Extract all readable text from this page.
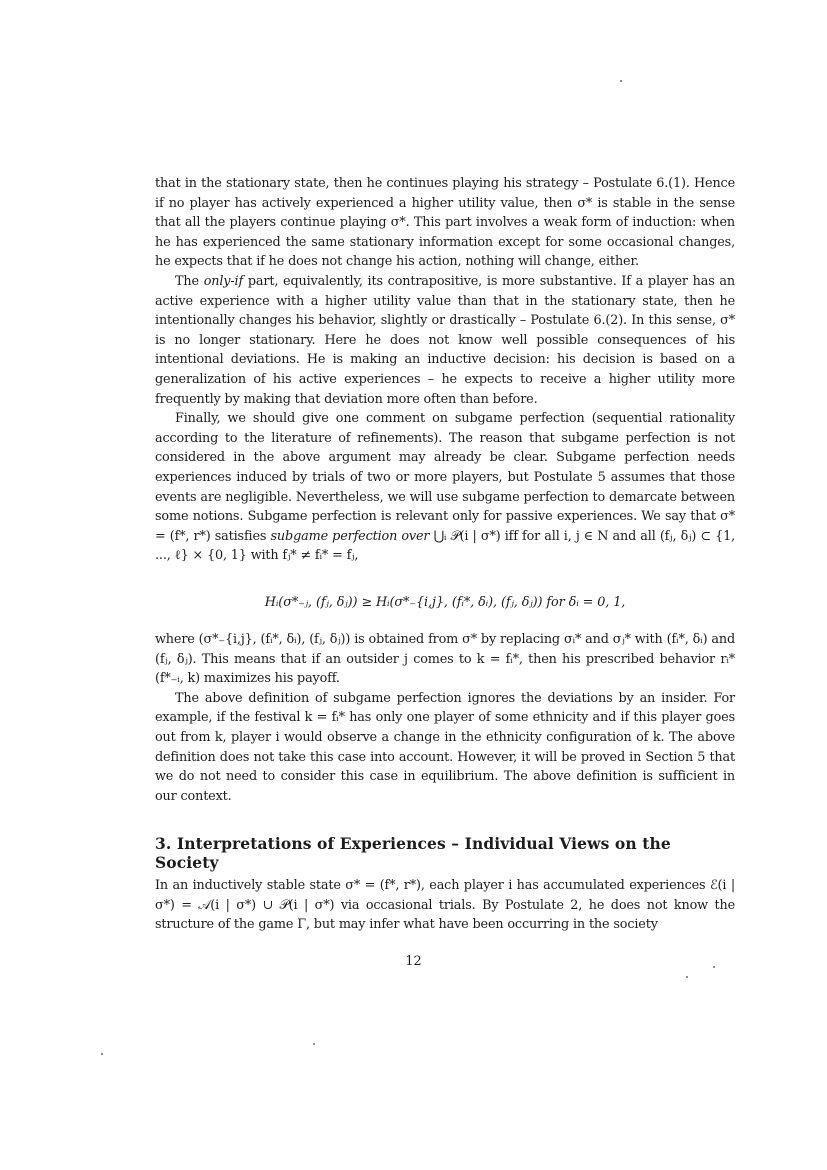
that in the stationary state, then he continues playing his strategy – Postulate 6.(1). Hence if no player has actively experienced a higher utility value, then σ* is stable in the sense that all the players continue playing σ*. This part involves a weak form of induction: when he has experienced the same stationary information except for some occasional changes, he expects that if he does not change his action, nothing will change, either.

The only-if part, equivalently, its contrapositive, is more substantive. If a player has an active experience with a higher utility value than that in the stationary state, then he intentionally changes his behavior, slightly or drastically – Postulate 6.(2). In this sense, σ* is no longer stationary. Here he does not know well possible consequences of his intentional deviations. He is making an inductive decision: his decision is based on a generalization of his active experiences – he expects to receive a higher utility more frequently by making that deviation more often than before.

Finally, we should give one comment on subgame perfection (sequential rationality according to the literature of refinements). The reason that subgame perfection is not considered in the above argument may already be clear. Subgame perfection needs experiences induced by trials of two or more players, but Postulate 5 assumes that those events are negligible. Nevertheless, we will use subgame perfection to demarcate between some notions. Subgame perfection is relevant only for passive experiences. We say that σ* = (f*, r*) satisfies subgame perfection over ⋃ᵢ 𝒫(i | σ*) iff for all i, j ∈ N and all (fⱼ, δⱼ) ⊂ {1, ..., ℓ} × {0, 1} with fⱼ* ≠ fᵢ* = fⱼ,

Hᵢ(σ*₋ⱼ, (fⱼ, δⱼ)) ≥ Hᵢ(σ*₋{i,j}, (fᵢ*, δᵢ), (fⱼ, δⱼ)) for δᵢ = 0, 1,

where (σ*₋{i,j}, (fᵢ*, δᵢ), (fⱼ, δⱼ)) is obtained from σ* by replacing σᵢ* and σⱼ* with (fᵢ*, δᵢ) and (fⱼ, δⱼ). This means that if an outsider j comes to k = fᵢ*, then his prescribed behavior rᵢ*(f*₋ᵢ, k) maximizes his payoff.

The above definition of subgame perfection ignores the deviations by an insider. For example, if the festival k = fᵢ* has only one player of some ethnicity and if this player goes out from k, player i would observe a change in the ethnicity configuration of k. The above definition does not take this case into account. However, it will be proved in Section 5 that we do not need to consider this case in equilibrium. The above definition is sufficient in our context.

3. Interpretations of Experiences – Individual Views on the Society

In an inductively stable state σ* = (f*, r*), each player i has accumulated experiences ℰ(i | σ*) = 𝒜(i | σ*) ∪ 𝒫(i | σ*) via occasional trials. By Postulate 2, he does not know the structure of the game Γ, but may infer what have been occurring in the society

12
